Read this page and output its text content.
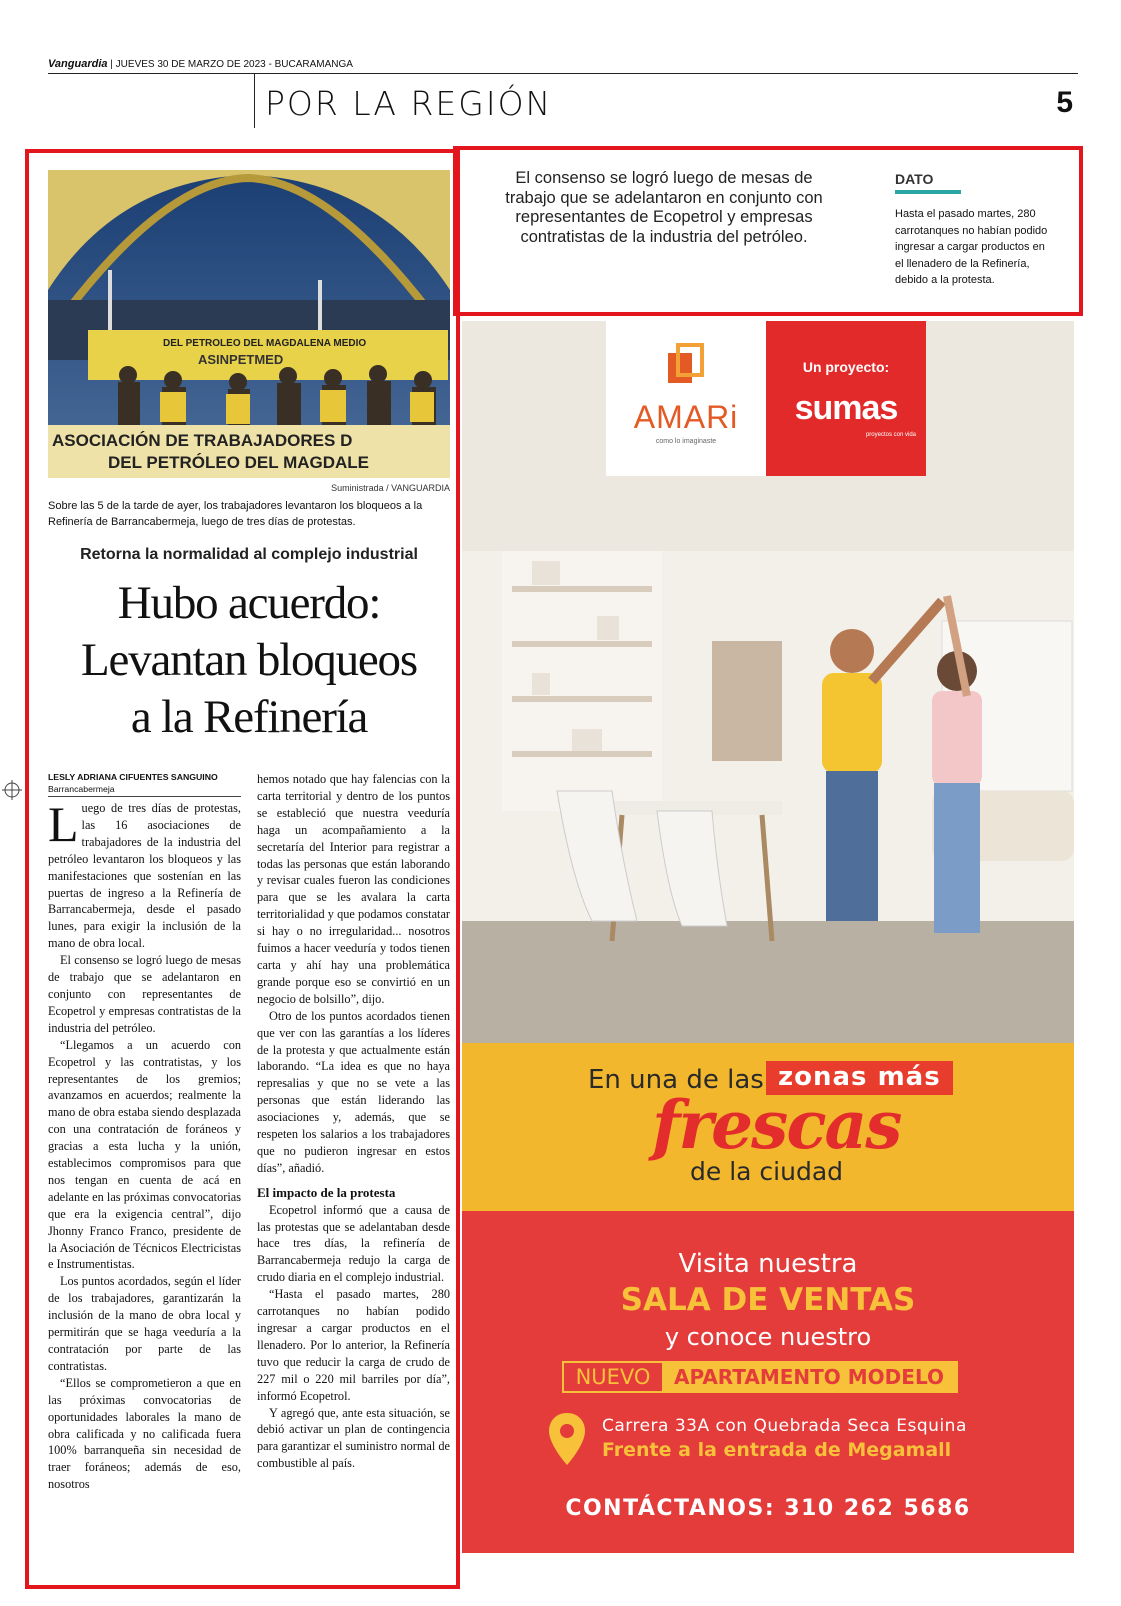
Vanguardia | JUEVES 30 DE MARZO DE 2023 - BUCARAMANGA
POR LA REGIÓN	5
DEL PETROLEO DEL MAGDALENA MEDIO
ASINPETMED
ASOCIACIÓN DE TRABAJADORES D
DEL PETRÓLEO DEL MAGDALE
Suministrada / VANGUARDIA
Sobre las 5 de la tarde de ayer, los trabajadores levantaron los bloqueos a la Refinería de Barrancabermeja, luego de tres días de protestas.
Retorna la normalidad al complejo industrial
Hubo acuerdo:
Levantan bloqueos
a la Refinería
LESLY ADRIANA CIFUENTES SANGUINO
Barrancabermeja

Luego de tres días de protestas, las 16 asociaciones de trabajadores de la industria del petróleo levantaron los bloqueos y las manifestaciones que sostenían en las puertas de ingreso a la Refinería de Barrancabermeja, desde el pasado lunes, para exigir la inclusión de la mano de obra local.

El consenso se logró luego de mesas de trabajo que se adelantaron en conjunto con representantes de Ecopetrol y empresas contratistas de la industria del petróleo.

“Llegamos a un acuerdo con Ecopetrol y las contratistas, y los representantes de los gremios; avanzamos en acuerdos; realmente la mano de obra estaba siendo desplazada con una contratación de foráneos y gracias a esta lucha y la unión, establecimos compromisos para que nos tengan en cuenta de acá en adelante en las próximas convocatorias que era la exigencia central”, dijo Jhonny Franco Franco, presidente de la Asociación de Técnicos Electricistas e Instrumentistas.

Los puntos acordados, según el líder de los trabajadores, garantizarán la inclusión de la mano de obra local y permitirán que se haga veeduría a la contratación por parte de las contratistas.

“Ellos se comprometieron a que en las próximas convocatorias de oportunidades laborales la mano de obra calificada y no calificada fuera 100% barranqueña sin necesidad de traer foráneos; además de eso, nosotros

hemos notado que hay falencias con la carta territorial y dentro de los puntos se estableció que nuestra veeduría haga un acompañamiento a la secretaría del Interior para registrar a todas las personas que están laborando y revisar cuales fueron las condiciones para que se les avalara la carta territorialidad y que podamos constatar si hay o no irregularidad... nosotros fuimos a hacer veeduría y todos tienen carta y ahí hay una problemática grande porque eso se convirtió en un negocio de bolsillo”, dijo.

Otro de los puntos acordados tienen que ver con las garantías a los líderes de la protesta y que actualmente están laborando. “La idea es que no haya represalias y que no se vete a las personas que están liderando las asociaciones y, además, que se respeten los salarios a los trabajadores que no pudieron ingresar en estos días”, añadió.

El impacto de la protesta

Ecopetrol informó que a causa de las protestas que se adelantaban desde hace tres días, la refinería de Barrancabermeja redujo la carga de crudo diaria en el complejo industrial.

“Hasta el pasado martes, 280 carrotanques no habían podido ingresar a cargar productos en el llenadero. Por lo anterior, la Refinería tuvo que reducir la carga de crudo de 227 mil o 220 mil barriles por día”, informó Ecopetrol.

Y agregó que, ante esta situación, se debió activar un plan de contingencia para garantizar el suministro normal de combustible al país.

El consenso se logró luego de mesas de trabajo que se adelantaron en conjunto con representantes de Ecopetrol y empresas contratistas de la industria del petróleo.
DATO
Hasta el pasado martes, 280 carrotanques no habían podido ingresar a cargar productos en el llenadero de la Refinería, debido a la protesta.
AMARi
como lo imaginaste
Un proyecto:
sumas
proyectos con vida
En una de las zonas más
frescas
de la ciudad
Visita nuestra
SALA DE VENTAS
y conoce nuestro
NUEVO	APARTAMENTO MODELO
Carrera 33A con Quebrada Seca Esquina
Frente a la entrada de Megamall
CONTÁCTANOS: 310 262 5686
